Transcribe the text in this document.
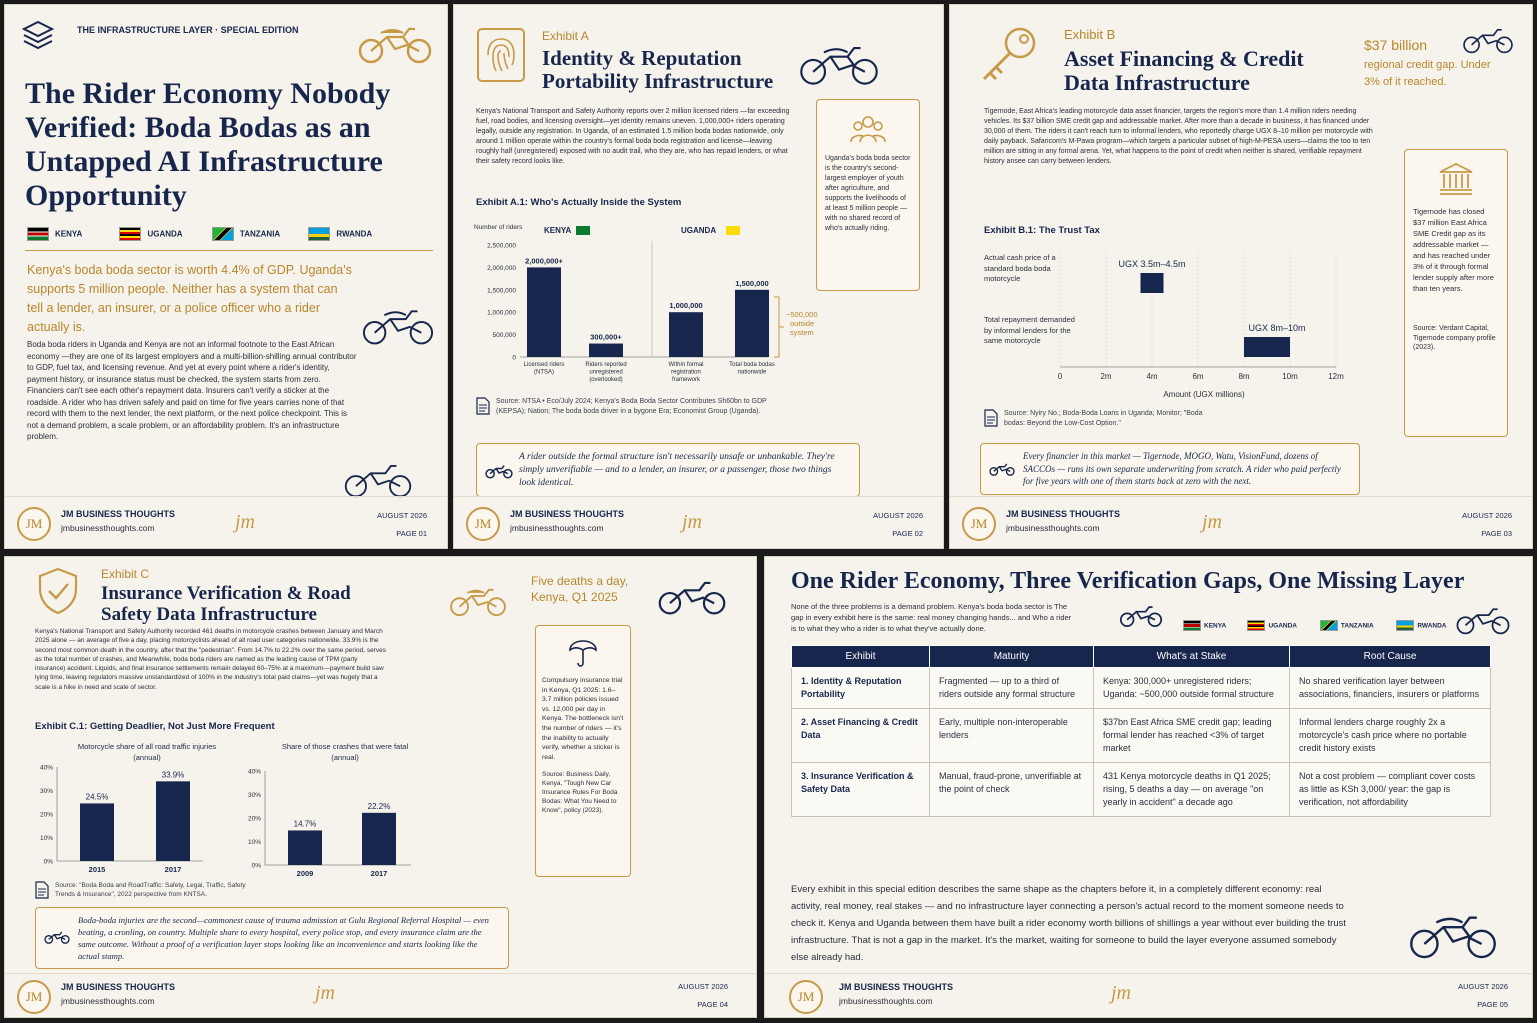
THE INFRASTRUCTURE LAYER · SPECIAL EDITION
The Rider Economy Nobody Verified: Boda Bodas as an Untapped AI Infrastructure Opportunity
KENYA	UGANDA	TANZANIA	RWANDA

Kenya's boda boda sector is worth 4.4% of GDP. Uganda's supports 5 million people. Neither has a system that can tell a lender, an insurer, or a police officer who a rider actually is.

Boda boda riders in Uganda and Kenya are not an informal footnote to the East African economy —they are one of its largest employers and a multi-billion-shilling annual contributor to GDP, fuel tax, and licensing revenue. And yet at every point where a rider's identity, payment history, or insurance status must be checked, the system starts from zero. Financiers can't see each other's repayment data. Insurers can't verify a sticker at the roadside. A rider who has driven safely and paid on time for five years carries none of that record with them to the next lender, the next platform, or the next police checkpoint. This is not a demand problem, a scale problem, or an affordability problem. It's an infrastructure problem.

JM
JM BUSINESS THOUGHTS
jmbusinessthoughts.com	jm	AUGUST 2026
PAGE 01
Exhibit A
Identity & Reputation Portability Infrastructure

Kenya's National Transport and Safety Authority reports over 2 million licensed riders —far exceeding fuel, road bodies, and licensing oversight—yet identity remains uneven. 1,000,000+ riders operating legally, outside any registration. In Uganda, of an estimated 1.5 million boda bodas nationwide, only around 1 million operate within the country's formal boda boda registration and license—leaving roughly half (unregistered) exposed with no audit trail, who they are, who has repaid lenders, or what their safety record looks like.	Uganda's boda boda sector is the country's second-largest employer of youth after agriculture, and supports the livelihoods of at least 5 million people — with no shared record of who's actually riding.
Exhibit A.1: Who's Actually Inside the System
Number of riders
0
500,000
1,000,000
1,500,000
2,000,000
2,500,000
2,000,000+
Licensed riders
(NTSA)
300,000+
Riders reported
unregistered
(overlooked)
1,000,000
Within formal
registration
framework
1,500,000
Total boda bodas
nationwide
KENYA	UGANDA
~500,000 outside system

Source: NTSA • Eco/July 2024; Kenya's Boda Boda Sector Contributes Sh60bn to GDP (KEPSA); Nation; The boda boda driver in a bygone Era; Economist Group (Uganda).

A rider outside the formal structure isn't necessarily unsafe or unbankable. They're simply unverifiable — and to a lender, an insurer, or a passenger, those two things look identical.
JM
JM BUSINESS THOUGHTS
jmbusinessthoughts.com	jm	AUGUST 2026
PAGE 02
Exhibit B
Asset Financing & Credit Data Infrastructure
$37 billion
regional credit gap. Under 3% of it reached.

Tigernode, East Africa's leading motorcycle data asset financier, targets the region's more than 1.4 million riders needing vehicles. Its $37 billion SME credit gap and addressable market. After more than a decade in business, it has financed under 30,000 of them. The riders it can't reach turn to informal lenders, who reportedly charge UGX 8–10 million per motorcycle with daily payback. Safaricom's M-Pawa program—which targets a particular subset of high-M-PESA users—claims the too to ten million are sitting in any formal arena. Yet, what happens to the point of credit when neither is shared, verifiable repayment history ansee can carry between lenders.

Tigernode has closed $37 million East Africa SME Credit gap as its addressable market — and has reached under 3% of it through formal lender supply after more than ten years.
Source: Verdant Capital, Tigernode company profile (2023).
Exhibit B.1: The Trust Tax
Actual cash price of a standard boda boda motorcycle
Total repayment demanded by informal lenders for the same motorcycle
0	2m	4m	6m	8m	10m	12m
UGX 3.5m–4.5m
UGX 8m–10m
Amount (UGX millions)

Source: Nyiry No.; Boda-Boda Loans in Uganda; Monitor; "Boda bodas: Beyond the Low-Cost Option."

Every financier in this market — Tigernode, MOGO, Watu, VisionFund, dozens of SACCOs — runs its own separate underwriting from scratch. A rider who paid perfectly for five years with one of them starts back at zero with the next.
JM
JM BUSINESS THOUGHTS
jmbusinessthoughts.com	jm	AUGUST 2026
PAGE 03
Exhibit C
Insurance Verification & Road Safety Data Infrastructure
Five deaths a day, Kenya, Q1 2025

Kenya's National Transport and Safety Authority recorded 461 deaths in motorcycle crashes between January and March 2025 alone — an average of five a day, placing motorcyclists ahead of all road user categories nationwide. 33.9% is the second most common death in the country, after that the "pedestrian". From 14.7% to 22.2% over the same period, serves as the total number of crashes, and Meanwhile, boda boda riders are named as the leading cause of TPM (party insurance) accident. Liquids, and final insurance settlements remain delayed 60–75% at a maximum—payment build saw lying time, leaving regulators massive unstandardized of 100% in the industry's total paid claims—yet was hugely that a scale is a hike in need and scale of sector.

Exhibit C.1: Getting Deadlier, Not Just More Frequent
Motorcycle share of all road traffic injuries (annual)
0%
10%
20%
30%
40%
24.5%
2015
33.9%
2017
Share of those crashes that were fatal (annual)
0%
10%
20%
30%
40%
14.7%
2009
22.2%
2017

Source: "Boda Boda and RoadTraffic: Safety, Legal, Traffic, Safety Trends & Insurance", 2022 perspective from KNTSA.

Compulsory insurance trial in Kenya, Q1 2025: 1.6–3.7 million policies issued vs. 12,000 per day in Kenya. The bottleneck isn't the number of riders — it's the inability to actually verify, whether a sticker is real.
Source: Business Daily, Kenya, "Tough New Car Insurance Rules For Boda Bodas: What You Need to Know", policy (2023).
Boda-boda injuries are the second—commonest cause of trauma admission at Gulu Regional Referral Hospital — even beating, a cronling, on country. Multiple share to every hospital, every police stop, and every insurance claim are the same outcome. Without a proof of a verification layer stops looking like an inconvenience and starts looking like the actual stamp.
JM
JM BUSINESS THOUGHTS
jmbusinessthoughts.com	jm	AUGUST 2026
PAGE 04
One Rider Economy, Three Verification Gaps, One Missing Layer

None of the three problems is a demand problem. Kenya's boda boda sector is The gap in every exhibit here is the same: real money changing hands... and Who a rider is to what they who a rider is to what they've actually done.	KENYA	UGANDA	TANZANIA	RWANDA
Exhibit	Maturity	What's at Stake	Root Cause
1. Identity & Reputation Portability	Fragmented — up to a third of riders outside any formal structure	Kenya: 300,000+ unregistered riders; Uganda: ~500,000 outside formal structure	No shared verification layer between associations, financiers, insurers or platforms
2. Asset Financing & Credit Data	Early, multiple non-interoperable lenders	$37bn East Africa SME credit gap; leading formal lender has reached <3% of target market	Informal lenders charge roughly 2x a motorcycle's cash price where no portable credit history exists
3. Insurance Verification & Safety Data	Manual, fraud-prone, unverifiable at the point of check	431 Kenya motorcycle deaths in Q1 2025; rising, 5 deaths a day — on average "on yearly in accident" a decade ago	Not a cost problem — compliant cover costs as little as KSh 3,000/ year: the gap is verification, not affordability

Every exhibit in this special edition describes the same shape as the chapters before it, in a completely different economy: real activity, real money, real stakes — and no infrastructure layer connecting a person's actual record to the moment someone needs to check it. Kenya and Uganda between them have built a rider economy worth billions of shillings a year without ever building the trust infrastructure. That is not a gap in the market. It's the market, waiting for someone to build the layer everyone assumed somebody else already had.

JM
JM BUSINESS THOUGHTS
jmbusinessthoughts.com	jm	AUGUST 2026
PAGE 05
